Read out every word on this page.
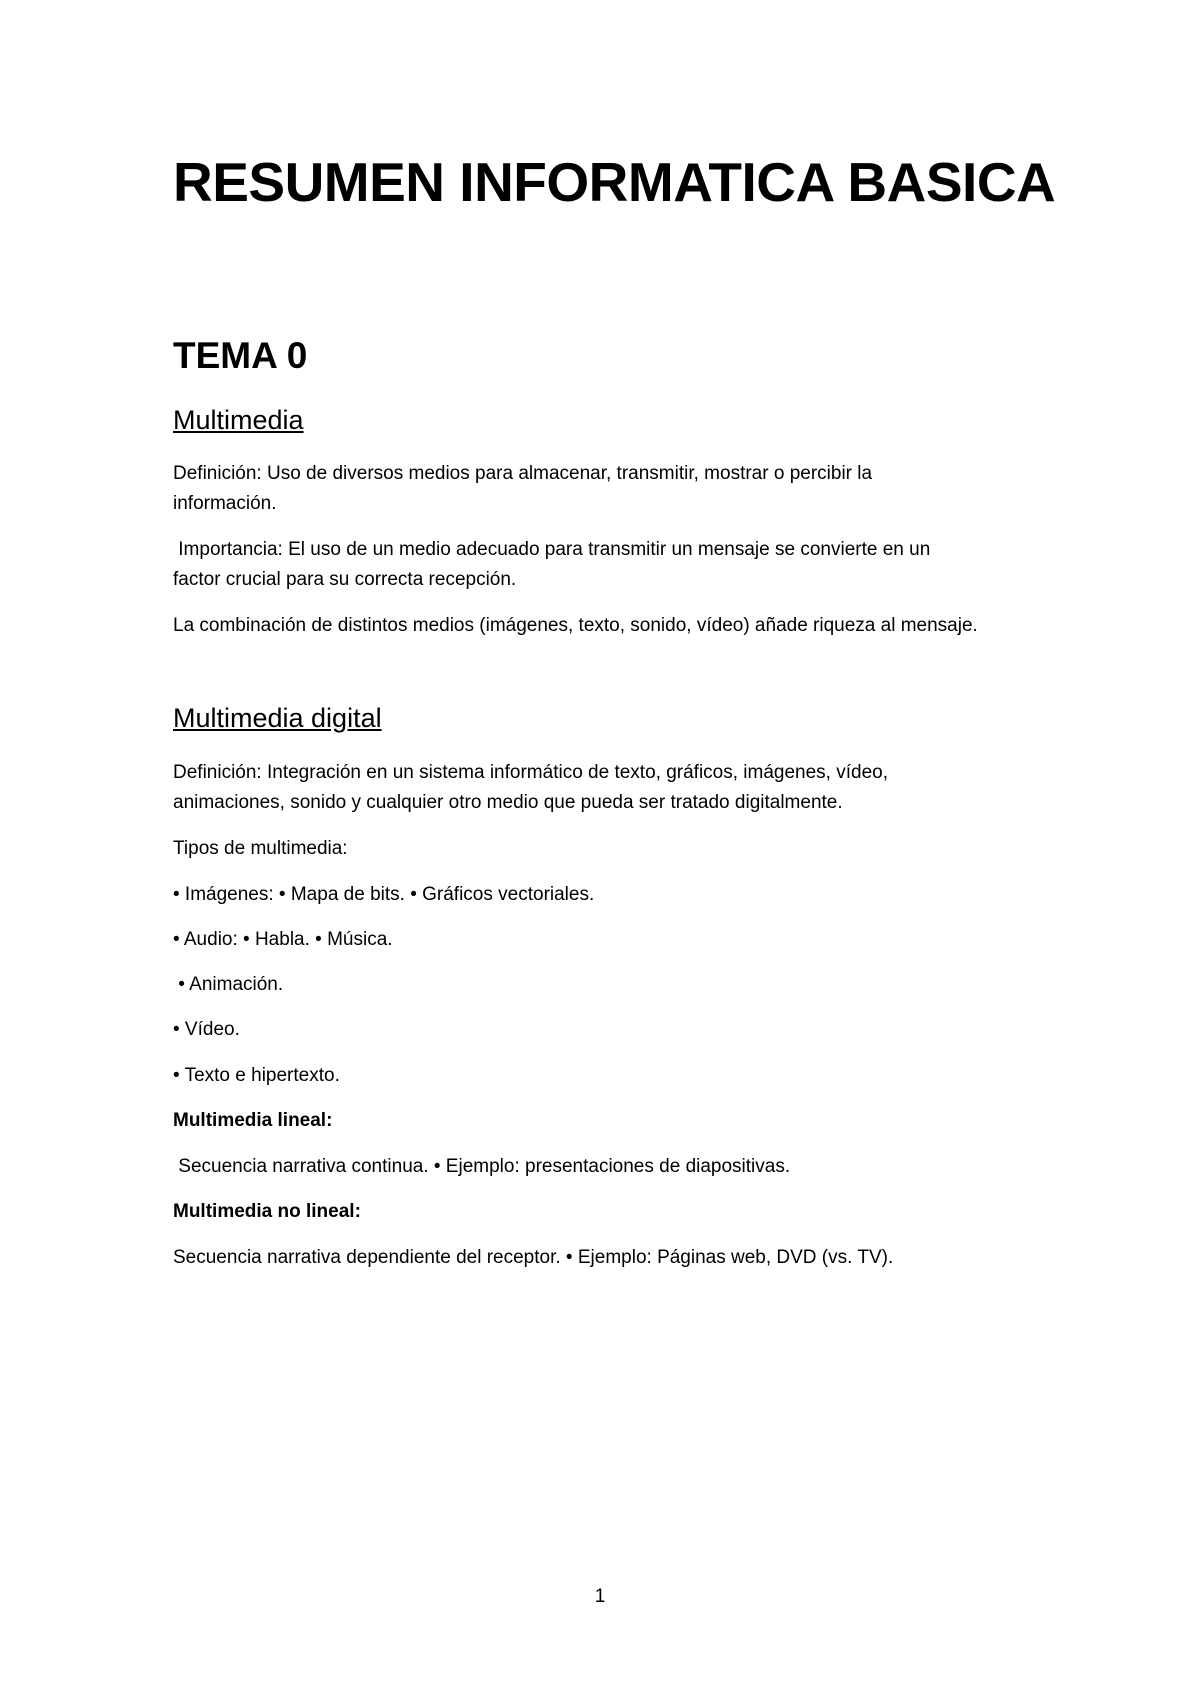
RESUMEN INFORMATICA BASICA
TEMA 0
Multimedia

Definición: Uso de diversos medios para almacenar, transmitir, mostrar o percibir la

información.

Importancia: El uso de un medio adecuado para transmitir un mensaje se convierte en un

factor crucial para su correcta recepción.

La combinación de distintos medios (imágenes, texto, sonido, vídeo) añade riqueza al mensaje.

Multimedia digital

Definición: Integración en un sistema informático de texto, gráficos, imágenes, vídeo,

animaciones, sonido y cualquier otro medio que pueda ser tratado digitalmente.

Tipos de multimedia:

• Imágenes: • Mapa de bits. • Gráficos vectoriales.

• Audio: • Habla. • Música.

• Animación.

• Vídeo.

• Texto e hipertexto.

Multimedia lineal:

Secuencia narrativa continua. • Ejemplo: presentaciones de diapositivas.

Multimedia no lineal:

Secuencia narrativa dependiente del receptor. • Ejemplo: Páginas web, DVD (vs. TV).

1
